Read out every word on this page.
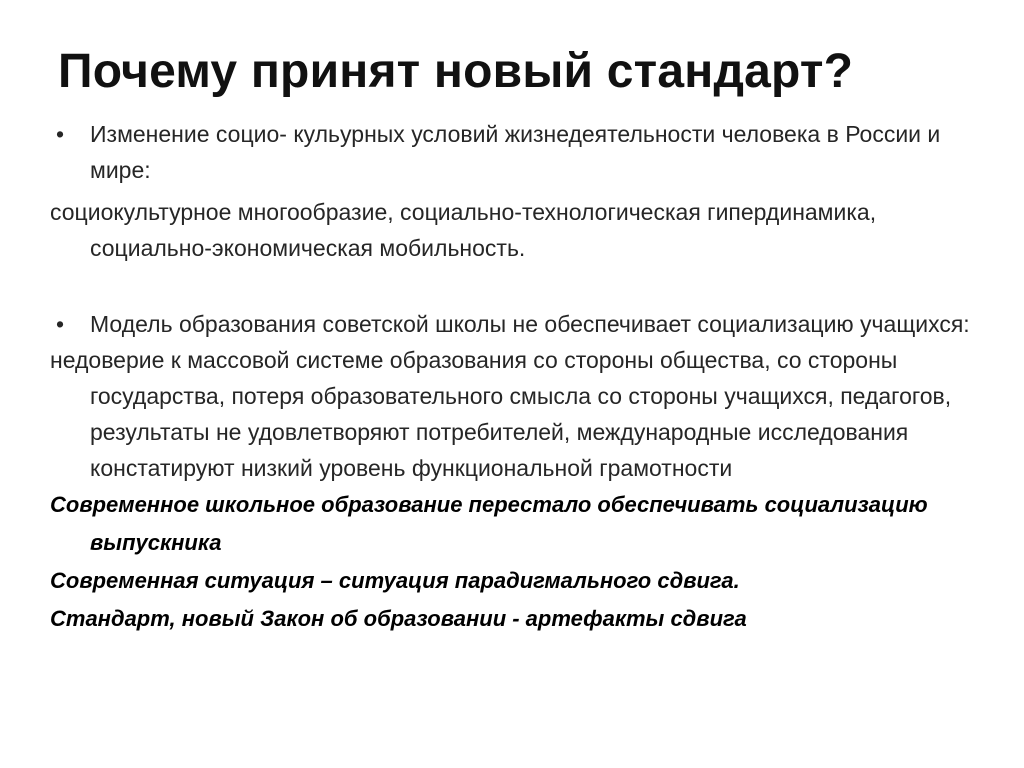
Почему принят новый стандарт?
• Изменение социо- кульурных условий жизнедеятельности человека в России и мире:
социокультурное многообразие, социально-технологическая гипердинамика, социально-экономическая мобильность.
• Модель образования советской школы не обеспечивает социализацию учащихся:
недоверие к массовой системе образования со стороны общества, со стороны государства, потеря образовательного смысла со стороны учащихся, педагогов, результаты не удовлетворяют потребителей, международные исследования констатируют низкий уровень функциональной грамотности
Современное школьное образование перестало обеспечивать социализацию выпускника
Современная ситуация – ситуация парадигмального сдвига.
Стандарт, новый Закон об образовании - артефакты сдвига
